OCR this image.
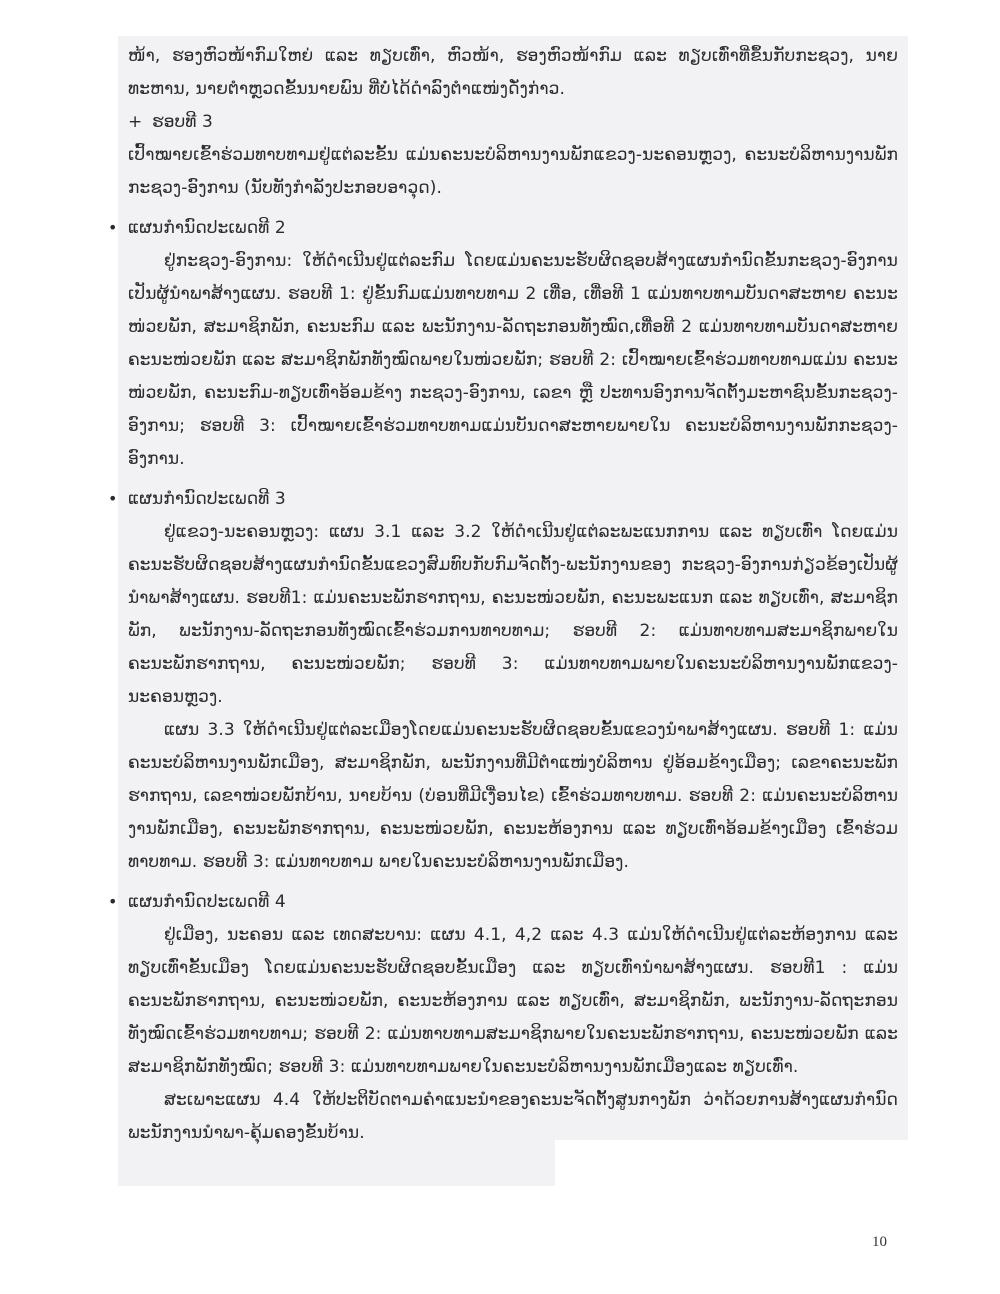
ໜ້າ, ຮອງຫົວໜ້າກົມໃຫຍ່ ແລະ ທຽບເທົ່າ, ຫົວໜ້າ, ຮອງຫົວໜ້າກົມ ແລະ ທຽບເທົ່າທີ່ຂຶ້ນກັບກະຊວງ, ນາຍທະຫານ, ນາຍຕໍາຫຼວດຂັ້ນນາຍພົນ ທີ່ບໍ່ໄດ້ດໍາລົງຕໍາແໜ່ງດັ່ງກ່າວ.

+ ຮອບທີ 3

ເປົ້າໝາຍເຂົ້າຮ່ວມທາບທາມຢູ່ແຕ່ລະຂັ້ນ ແມ່ນຄະນະບໍລິຫານງານພັກແຂວງ-ນະຄອນຫຼວງ, ຄະນະບໍລິຫານງານພັກກະຊວງ-ອົງການ (ນັບທັງກໍາລັງປະກອບອາວຸດ).

• ແຜນກໍານົດປະເພດທີ 2

ຢູ່ກະຊວງ-ອົງການ: ໃຫ້ດໍາເນີນຢູ່ແຕ່ລະກົມ ໂດຍແມ່ນຄະນະຮັບຜິດຊອບສ້າງແຜນກໍານົດຂັ້ນກະຊວງ-ອົງການເປັນຜູ້ນໍາພາສ້າງແຜນ. ຮອບທີ 1: ຢູ່ຂັ້ນກົມແມ່ນທາບທາມ 2 ເທື່ອ, ເທື່ອທີ 1 ແມ່ນທາບທາມບັນດາສະຫາຍ ຄະນະໜ່ວຍພັກ, ສະມາຊິກພັກ, ຄະນະກົມ ແລະ ພະນັກງານ-ລັດຖະກອນທັງໝົດ,ເທື່ອທີ 2 ແມ່ນທາບທາມບັນດາສະຫາຍ ຄະນະໜ່ວຍພັກ ແລະ ສະມາຊິກພັກທັງໝົດພາຍໃນໜ່ວຍພັກ; ຮອບທີ 2: ເປົ້າໝາຍເຂົ້າຮ່ວມທາບທາມແມ່ນ ຄະນະໜ່ວຍພັກ, ຄະນະກົມ-ທຽບເທົ່າອ້ອມຂ້າງ ກະຊວງ-ອົງການ, ເລຂາ ຫຼື ປະທານອົງການຈັດຕັ້ງມະຫາຊົນຂັ້ນກະຊວງ-ອົງການ; ຮອບທີ 3: ເປົ້າໝາຍເຂົ້າຮ່ວມທາບທາມແມ່ນບັນດາສະຫາຍພາຍໃນ ຄະນະບໍລິຫານງານພັກກະຊວງ-ອົງການ.

• ແຜນກໍານົດປະເພດທີ 3

ຢູ່ແຂວງ-ນະຄອນຫຼວງ: ແຜນ 3.1 ແລະ 3.2 ໃຫ້ດໍາເນີນຢູ່ແຕ່ລະພະແນກການ ແລະ ທຽບເທົ່າ ໂດຍແມ່ນຄະນະຮັບຜິດຊອບສ້າງແຜນກໍານົດຂັ້ນແຂວງສົມທົບກັບກົມຈັດຕັ້ງ-ພະນັກງານຂອງ ກະຊວງ-ອົງການກ່ຽວຂ້ອງເປັນຜູ້ນໍາພາສ້າງແຜນ. ຮອບທີ1: ແມ່ນຄະນະພັກຮາກຖານ, ຄະນະໜ່ວຍພັກ, ຄະນະພະແນກ ແລະ ທຽບເທົ່າ, ສະມາຊິກພັກ, ພະນັກງານ-ລັດຖະກອນທັງໝົດເຂົ້າຮ່ວມການທາບທາມ; ຮອບທີ 2: ແມ່ນທາບທາມສະມາຊິກພາຍໃນຄະນະພັກຮາກຖານ, ຄະນະໜ່ວຍພັກ; ຮອບທີ 3: ແມ່ນທາບທາມພາຍໃນຄະນະບໍລິຫານງານພັກແຂວງ-ນະຄອນຫຼວງ.

ແຜນ 3.3 ໃຫ້ດໍາເນີນຢູ່ແຕ່ລະເມືອງໂດຍແມ່ນຄະນະຮັບຜິດຊອບຂັ້ນແຂວງນໍາພາສ້າງແຜນ. ຮອບທີ 1: ແມ່ນຄະນະບໍລິຫານງານພັກເມືອງ, ສະມາຊິກພັກ, ພະນັກງານທີ່ມີຕໍາແໜ່ງບໍລິຫານ ຢູ່ອ້ອມຂ້າງເມືອງ; ເລຂາຄະນະພັກຮາກຖານ, ເລຂາໜ່ວຍພັກບ້ານ, ນາຍບ້ານ (ບ່ອນທີ່ມີເງື່ອນໄຂ) ເຂົ້າຮ່ວມທາບທາມ. ຮອບທີ 2: ແມ່ນຄະນະບໍລິຫານງານພັກເມືອງ, ຄະນະພັກຮາກຖານ, ຄະນະໜ່ວຍພັກ, ຄະນະຫ້ອງການ ແລະ ທຽບເທົ່າອ້ອມຂ້າງເມືອງ ເຂົ້າຮ່ວມທາບທາມ. ຮອບທີ 3: ແມ່ນທາບທາມ ພາຍໃນຄະນະບໍລິຫານງານພັກເມືອງ.

• ແຜນກໍານົດປະເພດທີ 4

ຢູ່ເມືອງ, ນະຄອນ ແລະ ເທດສະບານ: ແຜນ 4.1, 4,2 ແລະ 4.3 ແມ່ນໃຫ້ດໍາເນີນຢູ່ແຕ່ລະຫ້ອງການ ແລະ ທຽບເທົ່າຂັ້ນເມືອງ ໂດຍແມ່ນຄະນະຮັບຜິດຊອບຂັ້ນເມືອງ ແລະ ທຽບເທົ່ານໍາພາສ້າງແຜນ. ຮອບທີ1 : ແມ່ນຄະນະພັກຮາກຖານ, ຄະນະໜ່ວຍພັກ, ຄະນະຫ້ອງການ ແລະ ທຽບເທົ່າ, ສະມາຊິກພັກ, ພະນັກງານ-ລັດຖະກອນທັງໝົດເຂົ້າຮ່ວມທາບທາມ; ຮອບທີ 2: ແມ່ນທາບທາມສະມາຊິກພາຍໃນຄະນະພັກຮາກຖານ, ຄະນະໜ່ວຍພັກ ແລະ ສະມາຊິກພັກທັງໝົດ; ຮອບທີ 3: ແມ່ນທາບທາມພາຍໃນຄະນະບໍລິຫານງານພັກເມືອງແລະ ທຽບເທົ່າ.

ສະເພາະແຜນ 4.4 ໃຫ້ປະຕິບັດຕາມຄໍາແນະນໍາຂອງຄະນະຈັດຕັ້ງສູນກາງພັກ ວ່າດ້ວຍການສ້າງແຜນກໍານົດພະນັກງານນໍາພາ-ຄຸ້ມຄອງຂັ້ນບ້ານ.

10
